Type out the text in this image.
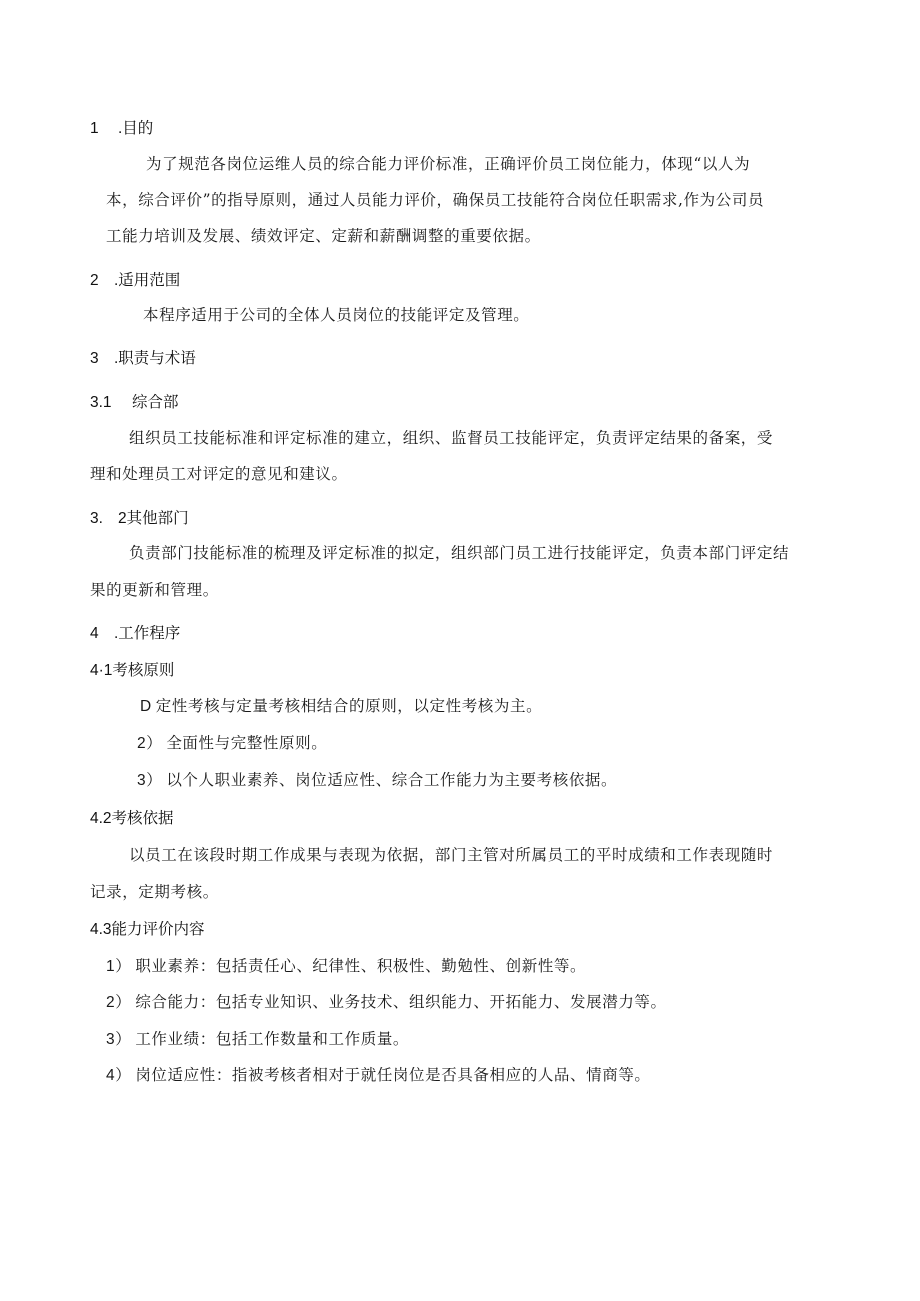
1 .目的
为了规范各岗位运维人员的综合能力评价标准，正确评价员工岗位能力，体现“以人为
本，综合评价”的指导原则，通过人员能力评价，确保员工技能符合岗位任职需求,作为公司员
工能力培训及发展、绩效评定、定薪和薪酬调整的重要依据。
2 .适用范围
本程序适用于公司的全体人员岗位的技能评定及管理。
3 .职责与术语
3.1 综合部
组织员工技能标准和评定标准的建立，组织、监督员工技能评定，负责评定结果的备案，受
理和处理员工对评定的意见和建议。
3. 2其他部门
负责部门技能标准的梳理及评定标准的拟定，组织部门员工进行技能评定，负责本部门评定结
果的更新和管理。
4 .工作程序
4·1考核原则
D 定性考核与定量考核相结合的原则，以定性考核为主。
2） 全面性与完整性原则。
3） 以个人职业素养、岗位适应性、综合工作能力为主要考核依据。
4.2考核依据
以员工在该段时期工作成果与表现为依据，部门主管对所属员工的平时成绩和工作表现随时
记录，定期考核。
4.3能力评价内容
1） 职业素养：包括责任心、纪律性、积极性、勤勉性、创新性等。
2） 综合能力：包括专业知识、业务技术、组织能力、开拓能力、发展潜力等。
3） 工作业绩：包括工作数量和工作质量。
4） 岗位适应性：指被考核者相对于就任岗位是否具备相应的人品、情商等。
